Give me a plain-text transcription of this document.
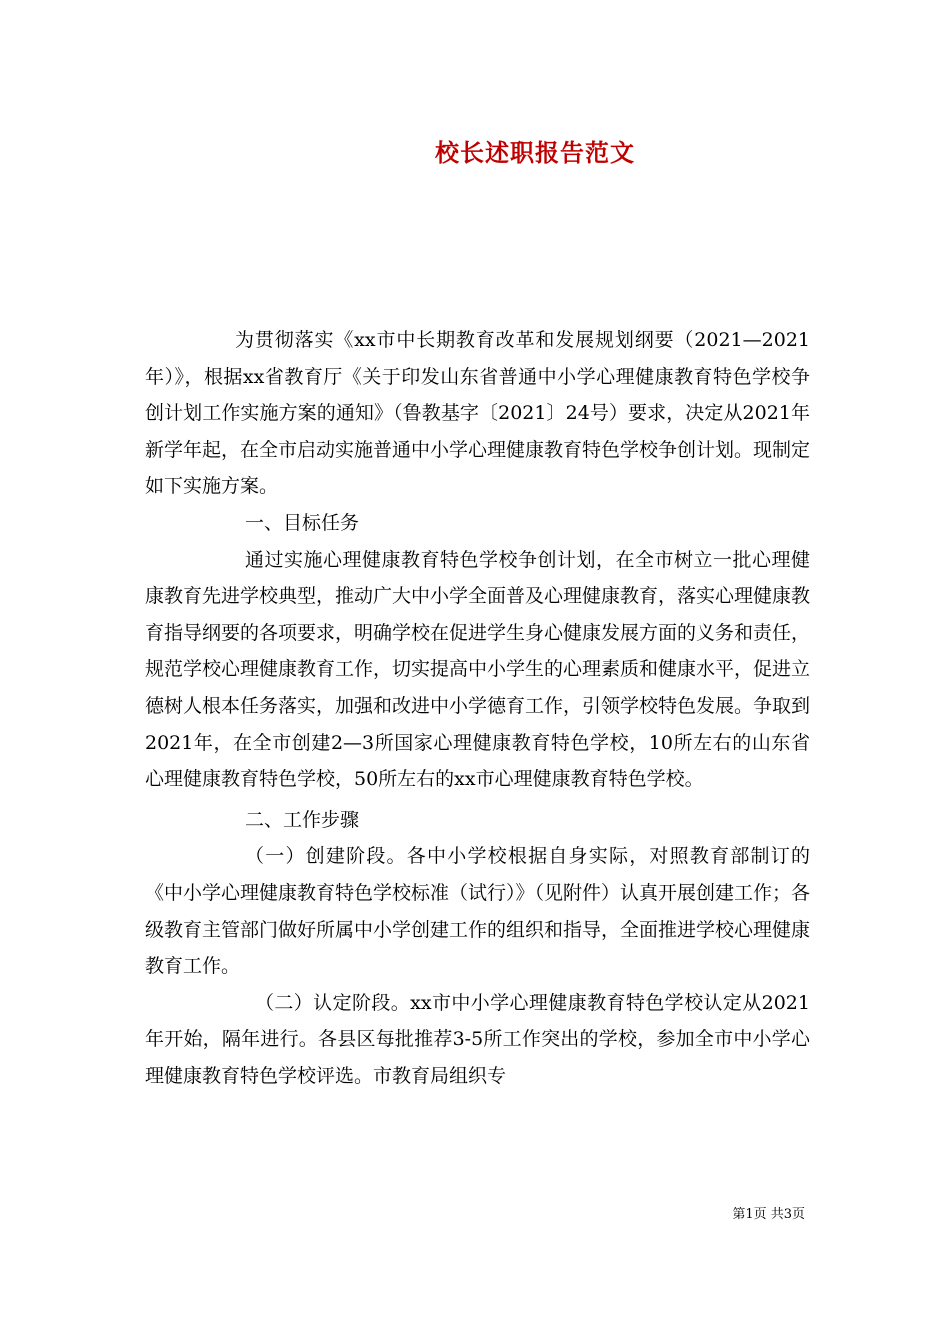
校长述职报告范文

为贯彻落实《xx市中长期教育改革和发展规划纲要（2021—2021年）》，根据xx省教育厅《关于印发山东省普通中小学心理健康教育特色学校争创计划工作实施方案的通知》（鲁教基字〔2021〕24号）要求，决定从2021年新学年起，在全市启动实施普通中小学心理健康教育特色学校争创计划。现制定如下实施方案。

一、目标任务

通过实施心理健康教育特色学校争创计划，在全市树立一批心理健康教育先进学校典型，推动广大中小学全面普及心理健康教育，落实心理健康教育指导纲要的各项要求，明确学校在促进学生身心健康发展方面的义务和责任，规范学校心理健康教育工作，切实提高中小学生的心理素质和健康水平，促进立德树人根本任务落实，加强和改进中小学德育工作，引领学校特色发展。争取到2021年，在全市创建2—3所国家心理健康教育特色学校，10所左右的山东省心理健康教育特色学校，50所左右的xx市心理健康教育特色学校。

二、工作步骤

（一）创建阶段。各中小学校根据自身实际，对照教育部制订的《中小学心理健康教育特色学校标准（试行）》（见附件）认真开展创建工作；各级教育主管部门做好所属中小学创建工作的组织和指导，全面推进学校心理健康教育工作。

（二）认定阶段。xx市中小学心理健康教育特色学校认定从2021年开始，隔年进行。各县区每批推荐3-5所工作突出的学校，参加全市中小学心理健康教育特色学校评选。市教育局组织专

第1页 共3页
